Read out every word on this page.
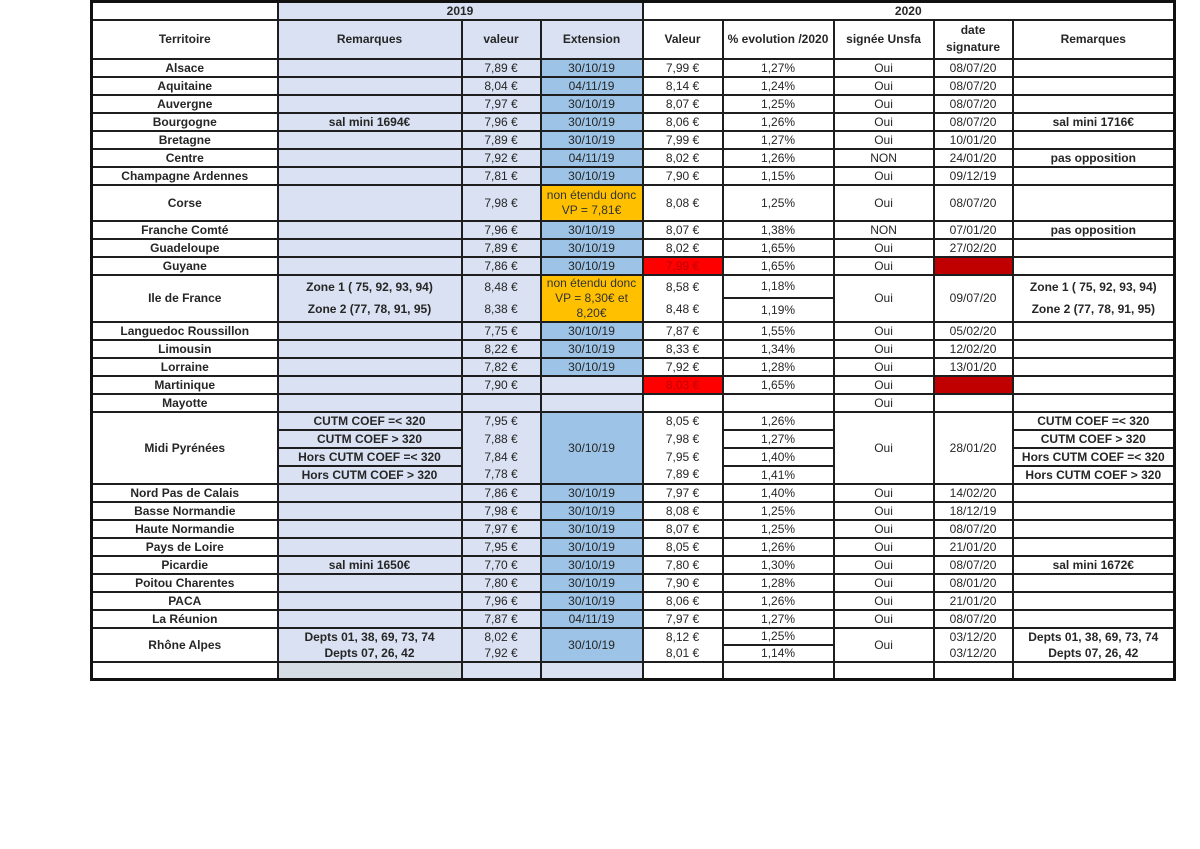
	2019			2020				
Territoire	Remarques	valeur	Extension	Valeur	% evolution /2020	signée Unsfa	date signature	Remarques
Alsace		7,89 €	30/10/19	7,99 €	1,27%	Oui	08/07/20	
Aquitaine		8,04 €	04/11/19	8,14 €	1,24%	Oui	08/07/20	
Auvergne		7,97 €	30/10/19	8,07 €	1,25%	Oui	08/07/20	
Bourgogne	sal mini 1694€	7,96 €	30/10/19	8,06 €	1,26%	Oui	08/07/20	sal mini 1716€
Bretagne		7,89 €	30/10/19	7,99 €	1,27%	Oui	10/01/20	
Centre		7,92 €	04/11/19	8,02 €	1,26%	NON	24/01/20	pas opposition
Champagne Ardennes		7,81 €	30/10/19	7,90 €	1,15%	Oui	09/12/19	
Corse		7,98 €	non étendu donc VP = 7,81€	8,08 €	1,25%	Oui	08/07/20	
Franche Comté		7,96 €	30/10/19	8,07 €	1,38%	NON	07/01/20	pas opposition
Guadeloupe		7,89 €	30/10/19	8,02 €	1,65%	Oui	27/02/20	
Guyane		7,86 €	30/10/19	7,99 €	1,65%	Oui		
Ile de France	Zone 1 ( 75, 92, 93, 94)	8,48 €	non étendu donc VP = 8,30€ et 8,20€	8,58 €	1,18%	Oui	09/07/20	Zone 1 ( 75, 92, 93, 94)
	Zone 2 (77, 78, 91, 95)	8,38 €		8,48 €	1,19%			Zone 2 (77, 78, 91, 95)
Languedoc Roussillon		7,75 €	30/10/19	7,87 €	1,55%	Oui	05/02/20	
Limousin		8,22 €	30/10/19	8,33 €	1,34%	Oui	12/02/20	
Lorraine		7,82 €	30/10/19	7,92 €	1,28%	Oui	13/01/20	
Martinique		7,90 €		8,03 €	1,65%	Oui		
Mayotte						Oui		
Midi Pyrénées	CUTM COEF =< 320	7,95 €	30/10/19	8,05 €	1,26%	Oui	28/01/20	CUTM COEF =< 320
	CUTM COEF > 320	7,88 €		7,98 €	1,27%			CUTM COEF > 320
	Hors CUTM COEF =< 320	7,84 €		7,95 €	1,40%			Hors CUTM COEF =< 320
	Hors CUTM COEF > 320	7,78 €		7,89 €	1,41%			Hors CUTM COEF > 320
Nord Pas de Calais		7,86 €	30/10/19	7,97 €	1,40%	Oui	14/02/20	
Basse Normandie		7,98 €	30/10/19	8,08 €	1,25%	Oui	18/12/19	
Haute Normandie		7,97 €	30/10/19	8,07 €	1,25%	Oui	08/07/20	
Pays de Loire		7,95 €	30/10/19	8,05 €	1,26%	Oui	21/01/20	
Picardie	sal mini 1650€	7,70 €	30/10/19	7,80 €	1,30%	Oui	08/07/20	sal mini 1672€
Poitou Charentes		7,80 €	30/10/19	7,90 €	1,28%	Oui	08/01/20	
PACA		7,96 €	30/10/19	8,06 €	1,26%	Oui	21/01/20	
La Réunion		7,87 €	04/11/19	7,97 €	1,27%	Oui	08/07/20	
Rhône Alpes	Depts 01, 38, 69, 73, 74	8,02 €	30/10/19	8,12 €	1,25%	Oui	03/12/20	Depts 01, 38, 69, 73, 74
	Depts 07, 26, 42	7,92 €		8,01 €	1,14%		03/12/20	Depts 07, 26, 42
